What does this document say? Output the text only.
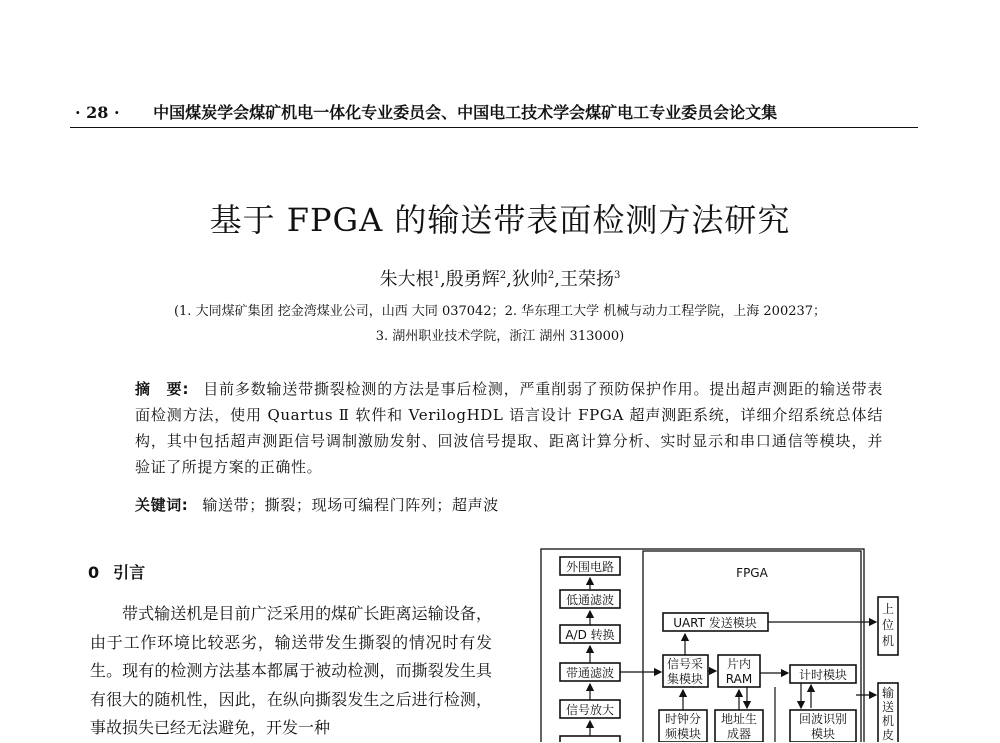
· 28 · 中国煤炭学会煤矿机电一体化专业委员会、中国电工技术学会煤矿电工专业委员会论文集
基于 FPGA 的输送带表面检测方法研究
朱大根$^1$,殷勇辉$^2$,狄帅$^2$,王荣扬$^3$
(1. 大同煤矿集团 挖金湾煤业公司，山西 大同 037042；2. 华东理工大学 机械与动力工程学院，上海 200237；
3. 湖州职业技术学院，浙江 湖州 313000)
摘　要: 目前多数输送带撕裂检测的方法是事后检测，严重削弱了预防保护作用。提出超声测距的输送带表面检测方法，使用 Quartus Ⅱ 软件和 VerilogHDL 语言设计 FPGA 超声测距系统，详细介绍系统总体结构，其中包括超声测距信号调制激励发射、回波信号提取、距离计算分析、实时显示和串口通信等模块，并验证了所提方案的正确性。
关键词: 输送带；撕裂；现场可编程门阵列；超声波
0 引言

带式输送机是目前广泛采用的煤矿长距离运输设备，由于工作环境比较恶劣，输送带发生撕裂的情况时有发生。现有的检测方法基本都属于被动检测，而撕裂发生具有很大的随机性，因此，在纵向撕裂发生之后进行检测，事故损失已经无法避免，开发一种

FPGA
外围电路
低通滤波
A/D 转换
带通滤波
信号放大
UART 发送模块
信号采
集模块
片内
RAM	计时模块
时钟分
频模块
地址生
成器
回波识别
模块
上
位
机
输
送
机
皮
